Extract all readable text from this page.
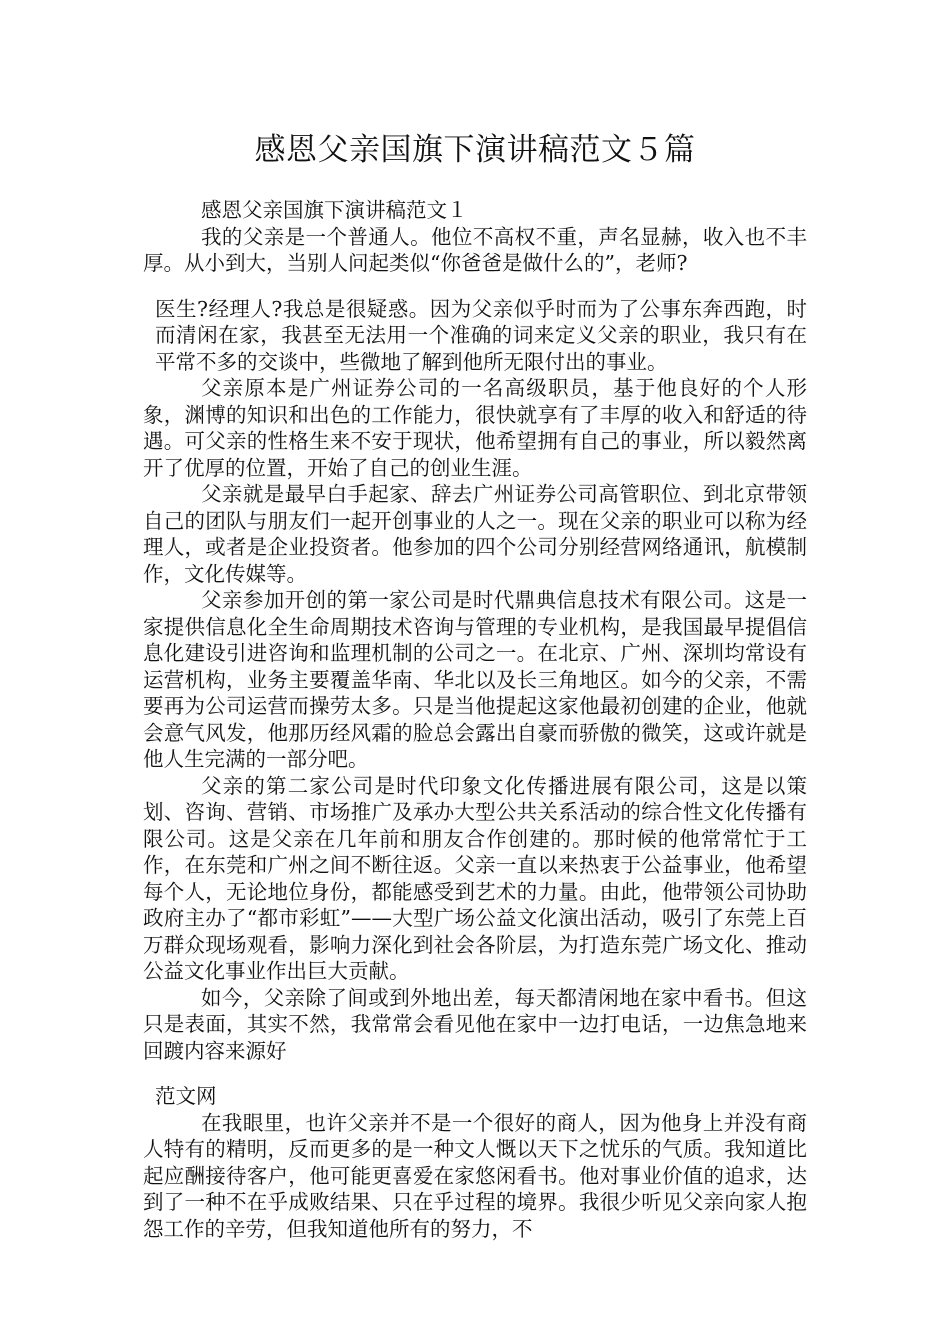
感恩父亲国旗下演讲稿范文５篇

感恩父亲国旗下演讲稿范文１

我的父亲是一个普通人。他位不高权不重，声名显赫，收入也不丰厚。从小到大，当别人问起类似“你爸爸是做什么的”，老师?

医生?经理人?我总是很疑惑。因为父亲似乎时而为了公事东奔西跑，时而清闲在家，我甚至无法用一个准确的词来定义父亲的职业，我只有在平常不多的交谈中，些微地了解到他所无限付出的事业。

父亲原本是广州证券公司的一名高级职员，基于他良好的个人形象，渊博的知识和出色的工作能力，很快就享有了丰厚的收入和舒适的待遇。可父亲的性格生来不安于现状，他希望拥有自己的事业，所以毅然离开了优厚的位置，开始了自己的创业生涯。

父亲就是最早白手起家、辞去广州证券公司高管职位、到北京带领自己的团队与朋友们一起开创事业的人之一。现在父亲的职业可以称为经理人，或者是企业投资者。他参加的四个公司分别经营网络通讯，航模制作，文化传媒等。

父亲参加开创的第一家公司是时代鼎典信息技术有限公司。这是一家提供信息化全生命周期技术咨询与管理的专业机构，是我国最早提倡信息化建设引进咨询和监理机制的公司之一。在北京、广州、深圳均常设有运营机构，业务主要覆盖华南、华北以及长三角地区。如今的父亲，不需要再为公司运营而操劳太多。只是当他提起这家他最初创建的企业，他就会意气风发，他那历经风霜的脸总会露出自豪而骄傲的微笑，这或许就是他人生完满的一部分吧。

父亲的第二家公司是时代印象文化传播进展有限公司，这是以策划、咨询、营销、市场推广及承办大型公共关系活动的综合性文化传播有限公司。这是父亲在几年前和朋友合作创建的。那时候的他常常忙于工作，在东莞和广州之间不断往返。父亲一直以来热衷于公益事业，他希望每个人，无论地位身份，都能感受到艺术的力量。由此，他带领公司协助政府主办了“都市彩虹”——大型广场公益文化演出活动，吸引了东莞上百万群众现场观看，影响力深化到社会各阶层，为打造东莞广场文化、推动公益文化事业作出巨大贡献。

如今，父亲除了间或到外地出差，每天都清闲地在家中看书。但这只是表面，其实不然，我常常会看见他在家中一边打电话，一边焦急地来回踱内容来源好

范文网

在我眼里，也许父亲并不是一个很好的商人，因为他身上并没有商人特有的精明，反而更多的是一种文人慨以天下之忧乐的气质。我知道比起应酬接待客户，他可能更喜爱在家悠闲看书。他对事业价值的追求，达到了一种不在乎成败结果、只在乎过程的境界。我很少听见父亲向家人抱怨工作的辛劳，但我知道他所有的努力，不
